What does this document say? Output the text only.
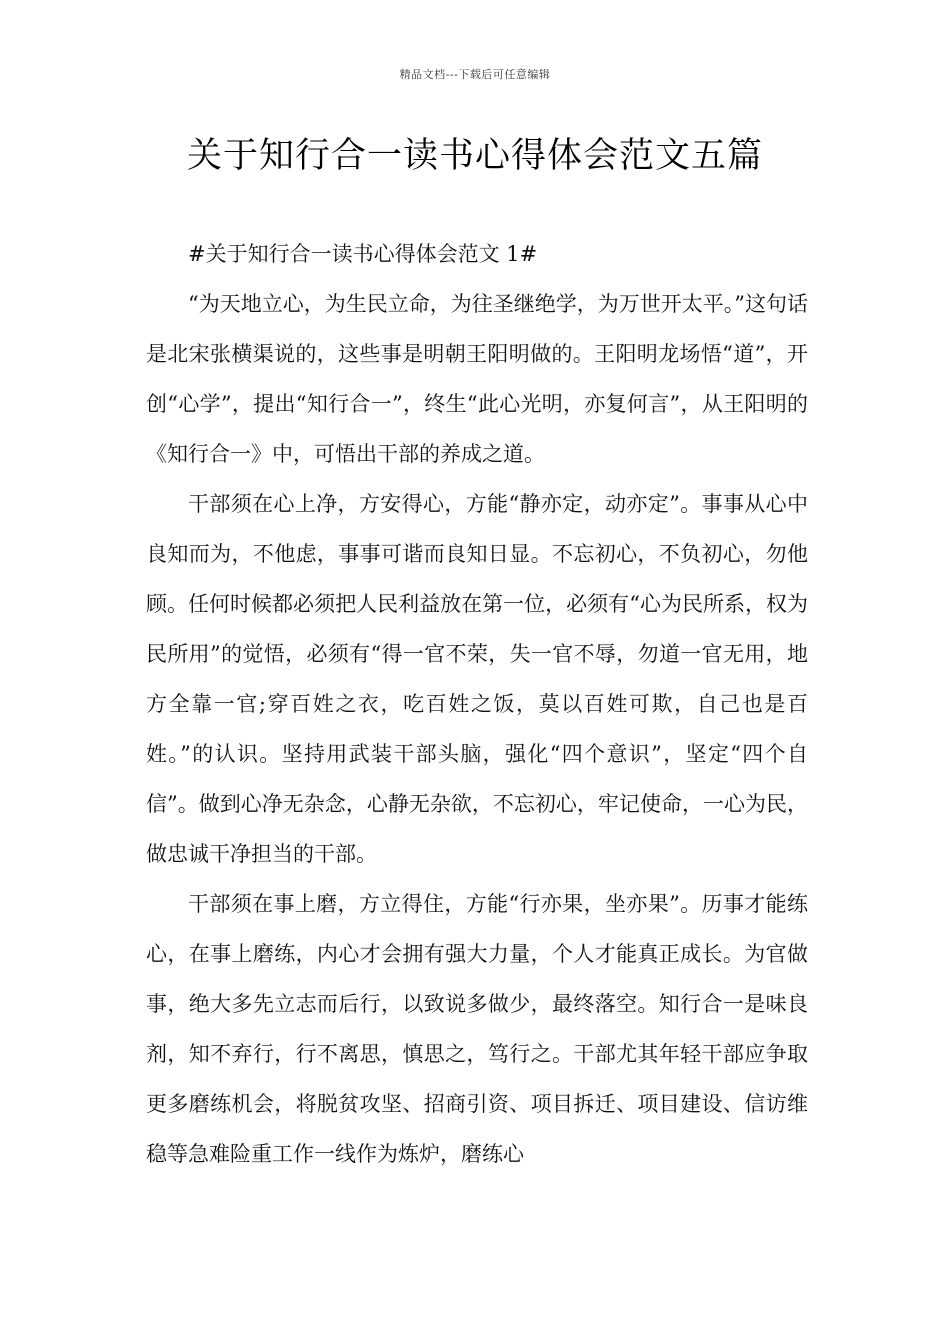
精品文档---下载后可任意编辑
关于知行合一读书心得体会范文五篇

#关于知行合一读书心得体会范文 1#

“为天地立心，为生民立命，为往圣继绝学，为万世开太平。”这句话是北宋张横渠说的，这些事是明朝王阳明做的。王阳明龙场悟“道”，开创“心学”，提出“知行合一”，终生“此心光明，亦复何言”，从王阳明的《知行合一》中，可悟出干部的养成之道。

干部须在心上净，方安得心，方能“静亦定，动亦定”。事事从心中良知而为，不他虑，事事可谐而良知日显。不忘初心，不负初心，勿他顾。任何时候都必须把人民利益放在第一位，必须有“心为民所系，权为民所用”的觉悟，必须有“得一官不荣，失一官不辱，勿道一官无用，地方全靠一官;穿百姓之衣，吃百姓之饭，莫以百姓可欺，自己也是百姓。”的认识。坚持用武装干部头脑，强化“四个意识”，坚定“四个自信”。做到心净无杂念，心静无杂欲，不忘初心，牢记使命，一心为民，做忠诚干净担当的干部。

干部须在事上磨，方立得住，方能“行亦果，坐亦果”。历事才能练心，在事上磨练，内心才会拥有强大力量，个人才能真正成长。为官做事，绝大多先立志而后行，以致说多做少，最终落空。知行合一是味良剂，知不弃行，行不离思，慎思之，笃行之。干部尤其年轻干部应争取更多磨练机会，将脱贫攻坚、招商引资、项目拆迁、项目建设、信访维稳等急难险重工作一线作为炼炉，磨练心
